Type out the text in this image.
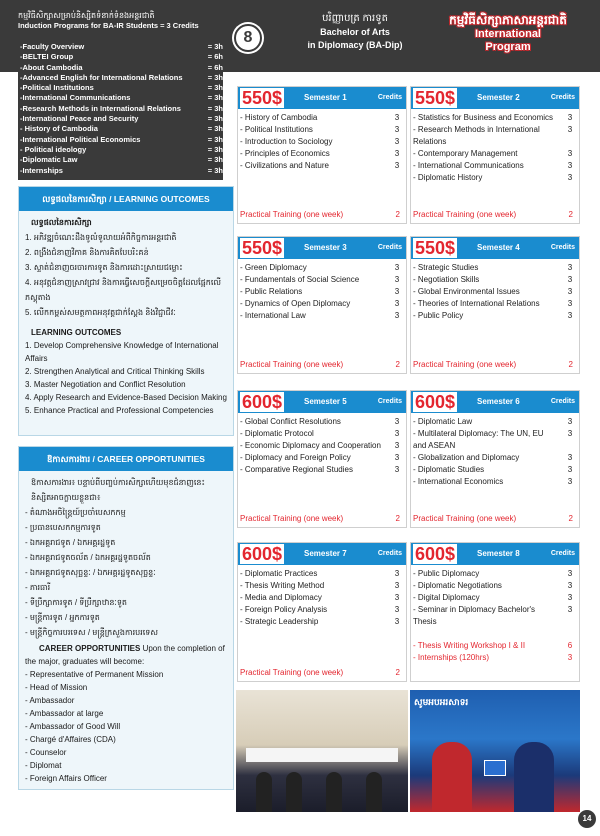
កម្មវិធីសិក្សាសម្រាប់និស្សិតទំនាក់ទំនងអន្តរជាតិ
Induction Programs for BA-IR Students = 3 Credits
8
បរិញ្ញាបត្រ ការទូត
Bachelor of Arts
in Diplomacy (BA-Dip)
កម្មវិធីសិក្សាភាសាអន្តរជាតិ
International
Program
-Faculty Overview	= 3h
-BELTEI Group	= 6h
-About Cambodia	= 6h
-Advanced English for International Relations	= 3h
-Political Institutions	= 3h
-International Communications	= 3h
-Research Methods in International Relations	= 3h
-International Peace and Security	= 3h
- History of Cambodia	= 3h
-International Political Economics	= 3h
- Political ideology	= 3h
-Diplomatic Law	= 3h
-Internships	= 3h
លទ្ធផលនៃការសិក្សា / LEARNING OUTCOMES
លទ្ធផលនៃការសិក្សា
1. អភិវឌ្ឍចំណេះដឹងទូលំទូលាយអំពីកិច្ចការអន្តរជាតិ
2. ពង្រឹងជំនាញវិភាគ និងការគិតបែបរិះគន់
3. ស្ទាត់ជំនាញចរចារការទូត និងការដោះស្រាយជម្លោះ
4. អនុវត្តជំនាញស្រាវជ្រាវ និងការធ្វើសេចក្តីសម្រេចចិត្តដែលផ្អែកលើភស្តុតាង
5. លើកកម្ពស់សមត្ថភាពអនុវត្តជាក់ស្តែង និងវិជ្ជាជីវៈ
LEARNING OUTCOMES
1. Develop Comprehensive Knowledge of International Affairs
2. Strengthen Analytical and Critical Thinking Skills
3. Master Negotiation and Conflict Resolution
4. Apply Research and Evidence-Based Decision Making
5. Enhance Practical and Professional Competencies
ឱកាសការងារ / CAREER OPPORTUNITIES
ឱកាសការងារ៖ បន្ទាប់ពីបញ្ចប់ការសិក្សាហើយមុខជំនាញនេះ និស្សិតអាចក្លាយខ្លួនជា៖
- តំណាងអចិន្ត្រៃយ៍ប្រចាំបេសកកម្ម
- ប្រធានបេសកកម្មការទូត
- ឯកអគ្គរាជទូត / ឯកអគ្គរដ្ឋទូត
- ឯកអគ្គរាជទូតចល័ត / ឯកអគ្គរដ្ឋទូតចល័ត
- ឯកអគ្គរាជទូតសុច្ឆន្ទៈ / ឯកអគ្គរដ្ឋទូតសុច្ឆន្ទៈ
- ភារធារី
- ទីប្រឹក្សាការទូត / ទីប្រឹក្សាឋានៈទូត
- មន្ត្រីការទូត / អ្នកការទូត
- មន្ត្រីកិច្ចការបរទេស / មន្ត្រីក្រសួងការបរទេស
CAREER OPPORTUNITIES Upon the completion of the major, graduates will become:
- Representative of Permanent Mission
- Head of Mission
- Ambassador
- Ambassador at large
- Ambassador of Good Will
- Chargé d'Affaires (CDA)
- Counselor
- Diplomat
- Foreign Affairs Officer
550$	Semester 1	Credits
- History of Cambodia	3
- Political Institutions	3
- Introduction to Sociology	3
- Principles of Economics	3
- Civilizations and Nature	3
Practical Training (one week)	2
550$	Semester 2	Credits
- Statistics for Business and Economics	3
- Research Methods in International Relations
3
- Contemporary Management	3
- International Communications	3
- Diplomatic History	3
Practical Training (one week)	2
550$	Semester 3	Credits
- Green Diplomacy	3
- Fundamentals of Social Science	3
- Public Relations	3
- Dynamics of Open Diplomacy	3
- International Law	3
Practical Training (one week)	2
550$	Semester 4	Credits
- Strategic Studies	3
- Negotiation Skills	3
- Global Environmental Issues	3
- Theories of International Relations	3
- Public Policy	3
Practical Training (one week)	2
600$	Semester 5	Credits
- Global Conflict Resolutions	3
- Diplomatic Protocol	3
- Economic Diplomacy and Cooperation	3
- Diplomacy and Foreign Policy	3
- Comparative Regional Studies	3
Practical Training (one week)	2
600$	Semester 6	Credits
- Diplomatic Law	3
- Multilateral Diplomacy: The UN, EU and ASEAN
3
- Globalization and Diplomacy	3
- Diplomatic Studies	3
- International Economics	3
Practical Training (one week)	2
600$	Semester 7	Credits
- Diplomatic Practices	3
- Thesis Writing Method	3
- Media and Diplomacy	3
- Foreign Policy Analysis	3
- Strategic Leadership	3
Practical Training (one week)	2
600$	Semester 8	Credits
- Public Diplomacy	3
- Diplomatic Negotiations	3
- Digital Diplomacy	3
- Seminar in Diplomacy Bachelor's Thesis
3
- Thesis Writing Workshop I & II	6
- Internships (120hrs)	3
សូមអបអរសាទរ
14
